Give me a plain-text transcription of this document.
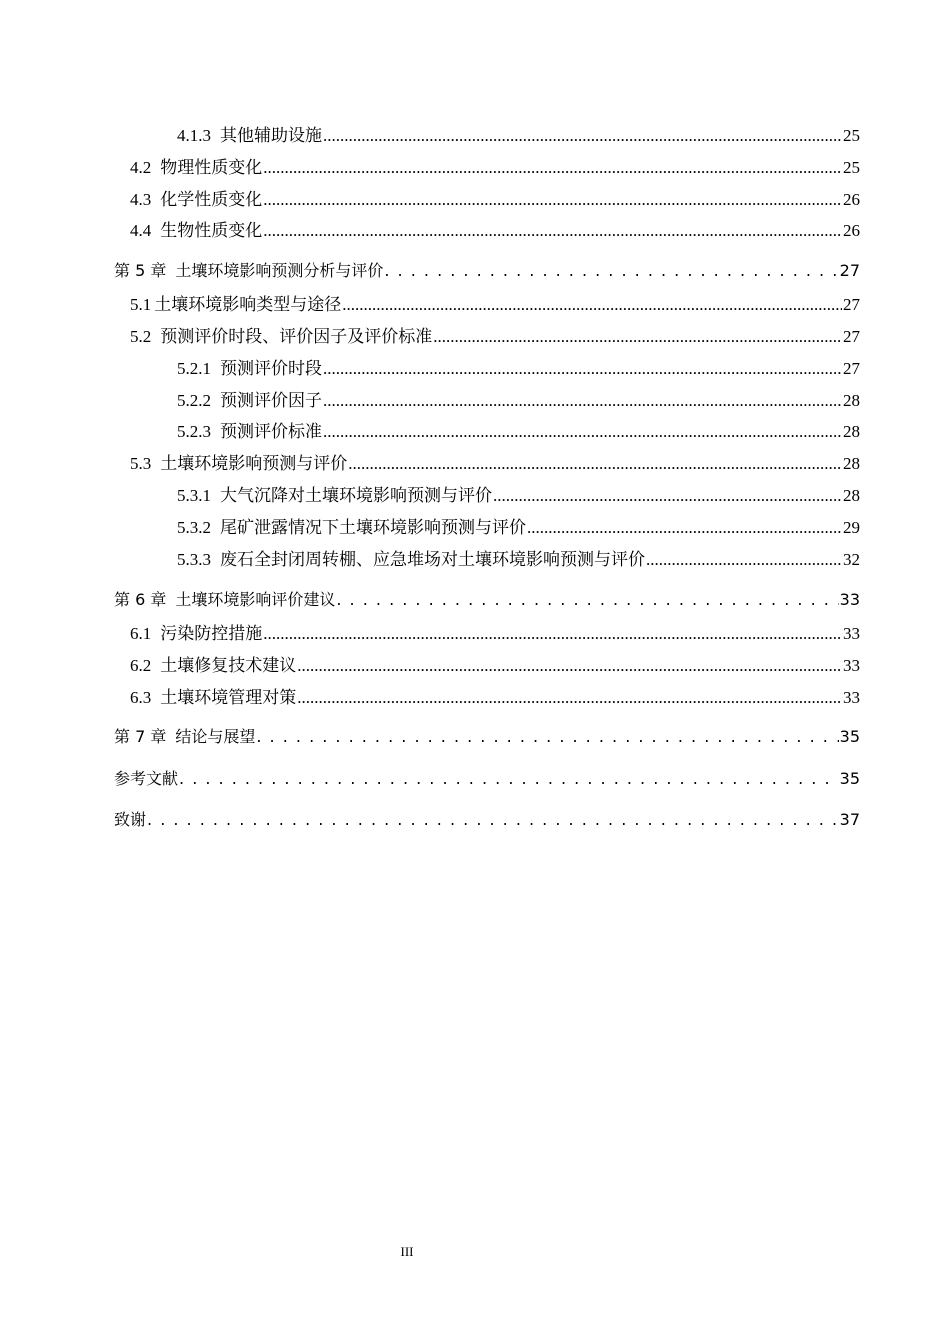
4.1.3 其他辅助设施 .....	25
4.2 物理性质变化 .....	25
4.3 化学性质变化 .....	26
4.4 生物性质变化 .....	26
第 5 章 土壤环境影响预测分析与评价 . . .	27
5.1 土壤环境影响类型与途径 .....	27
5.2 预测评价时段、评价因子及评价标准 .....	27
5.2.1 预测评价时段 .....	27
5.2.2 预测评价因子 .....	28
5.2.3 预测评价标准 .....	28
5.3 土壤环境影响预测与评价 .....	28
5.3.1 大气沉降对土壤环境影响预测与评价 .....	28
5.3.2 尾矿泄露情况下土壤环境影响预测与评价 .....	29
5.3.3 废石全封闭周转棚、应急堆场对土壤环境影响预测与评价 .....	32
第 6 章 土壤环境影响评价建议 . . .	33
6.1 污染防控措施 .....	33
6.2 土壤修复技术建议 .....	33
6.3 土壤环境管理对策 .....	33
第 7 章 结论与展望 . . .	35
参考文献 . . .	35
致谢 . . .	37
III
